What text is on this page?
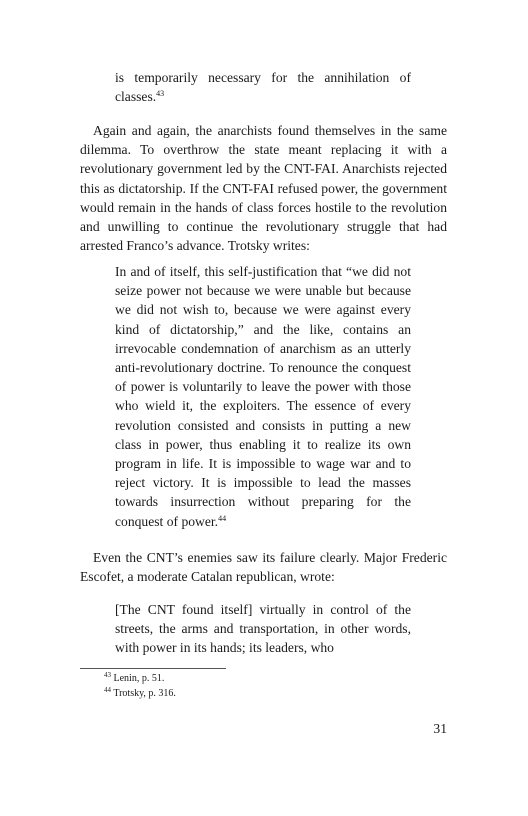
is temporarily necessary for the annihilation of classes.$^{43}$

Again and again, the anarchists found themselves in the same dilemma. To overthrow the state meant replacing it with a revolutionary government led by the CNT-FAI. Anarchists rejected this as dictatorship. If the CNT-FAI refused power, the government would remain in the hands of class forces hostile to the revolution and unwilling to continue the revolutionary struggle that had arrested Franco’s advance. Trotsky writes:

In and of itself, this self-justification that “we did not seize power not because we were unable but because we did not wish to, because we were against every kind of dictatorship,” and the like, contains an irrevocable condemnation of anarchism as an utterly anti-revolutionary doctrine. To renounce the conquest of power is voluntarily to leave the power with those who wield it, the exploiters. The essence of every revolution consisted and consists in putting a new class in power, thus enabling it to realize its own program in life. It is impossible to wage war and to reject victory. It is impossible to lead the masses towards insurrection without preparing for the conquest of power.$^{44}$

Even the CNT’s enemies saw its failure clearly. Major Frederic Escofet, a moderate Catalan republican, wrote:

[The CNT found itself] virtually in control of the streets, the arms and transportation, in other words, with power in its hands; its leaders, who

$^{43}$ Lenin, p. 51.
$^{44}$ Trotsky, p. 316.
31
